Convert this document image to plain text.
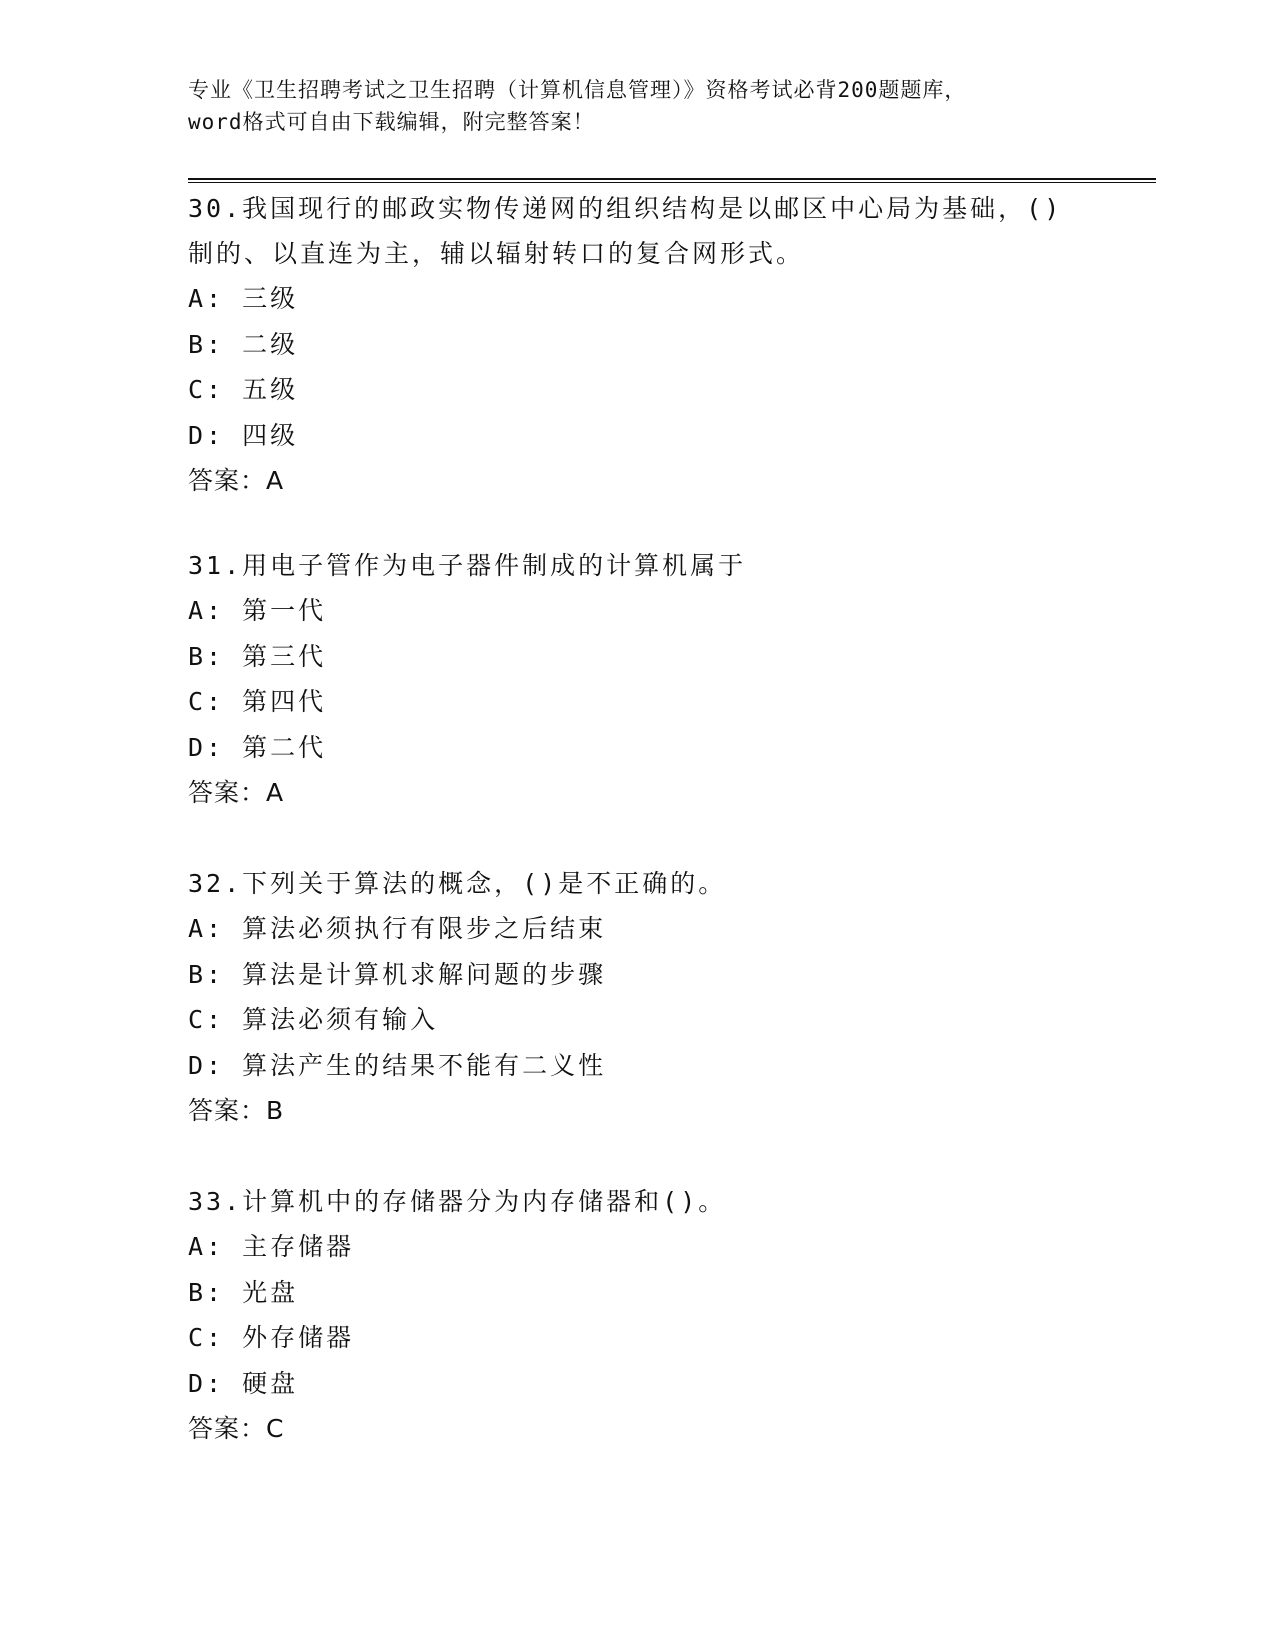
专业《卫生招聘考试之卫生招聘（计算机信息管理）》资格考试必背200题题库，
word格式可自由下载编辑，附完整答案！
30.我国现行的邮政实物传递网的组织结构是以邮区中心局为基础，()
制的、以直连为主，辅以辐射转口的复合网形式。
A: 三级
B: 二级
C: 五级
D: 四级
答案：A
31.用电子管作为电子器件制成的计算机属于
A: 第一代
B: 第三代
C: 第四代
D: 第二代
答案：A
32.下列关于算法的概念，()是不正确的。
A: 算法必须执行有限步之后结束
B: 算法是计算机求解问题的步骤
C: 算法必须有输入
D: 算法产生的结果不能有二义性
答案：B
33.计算机中的存储器分为内存储器和()。
A: 主存储器
B: 光盘
C: 外存储器
D: 硬盘
答案：C
